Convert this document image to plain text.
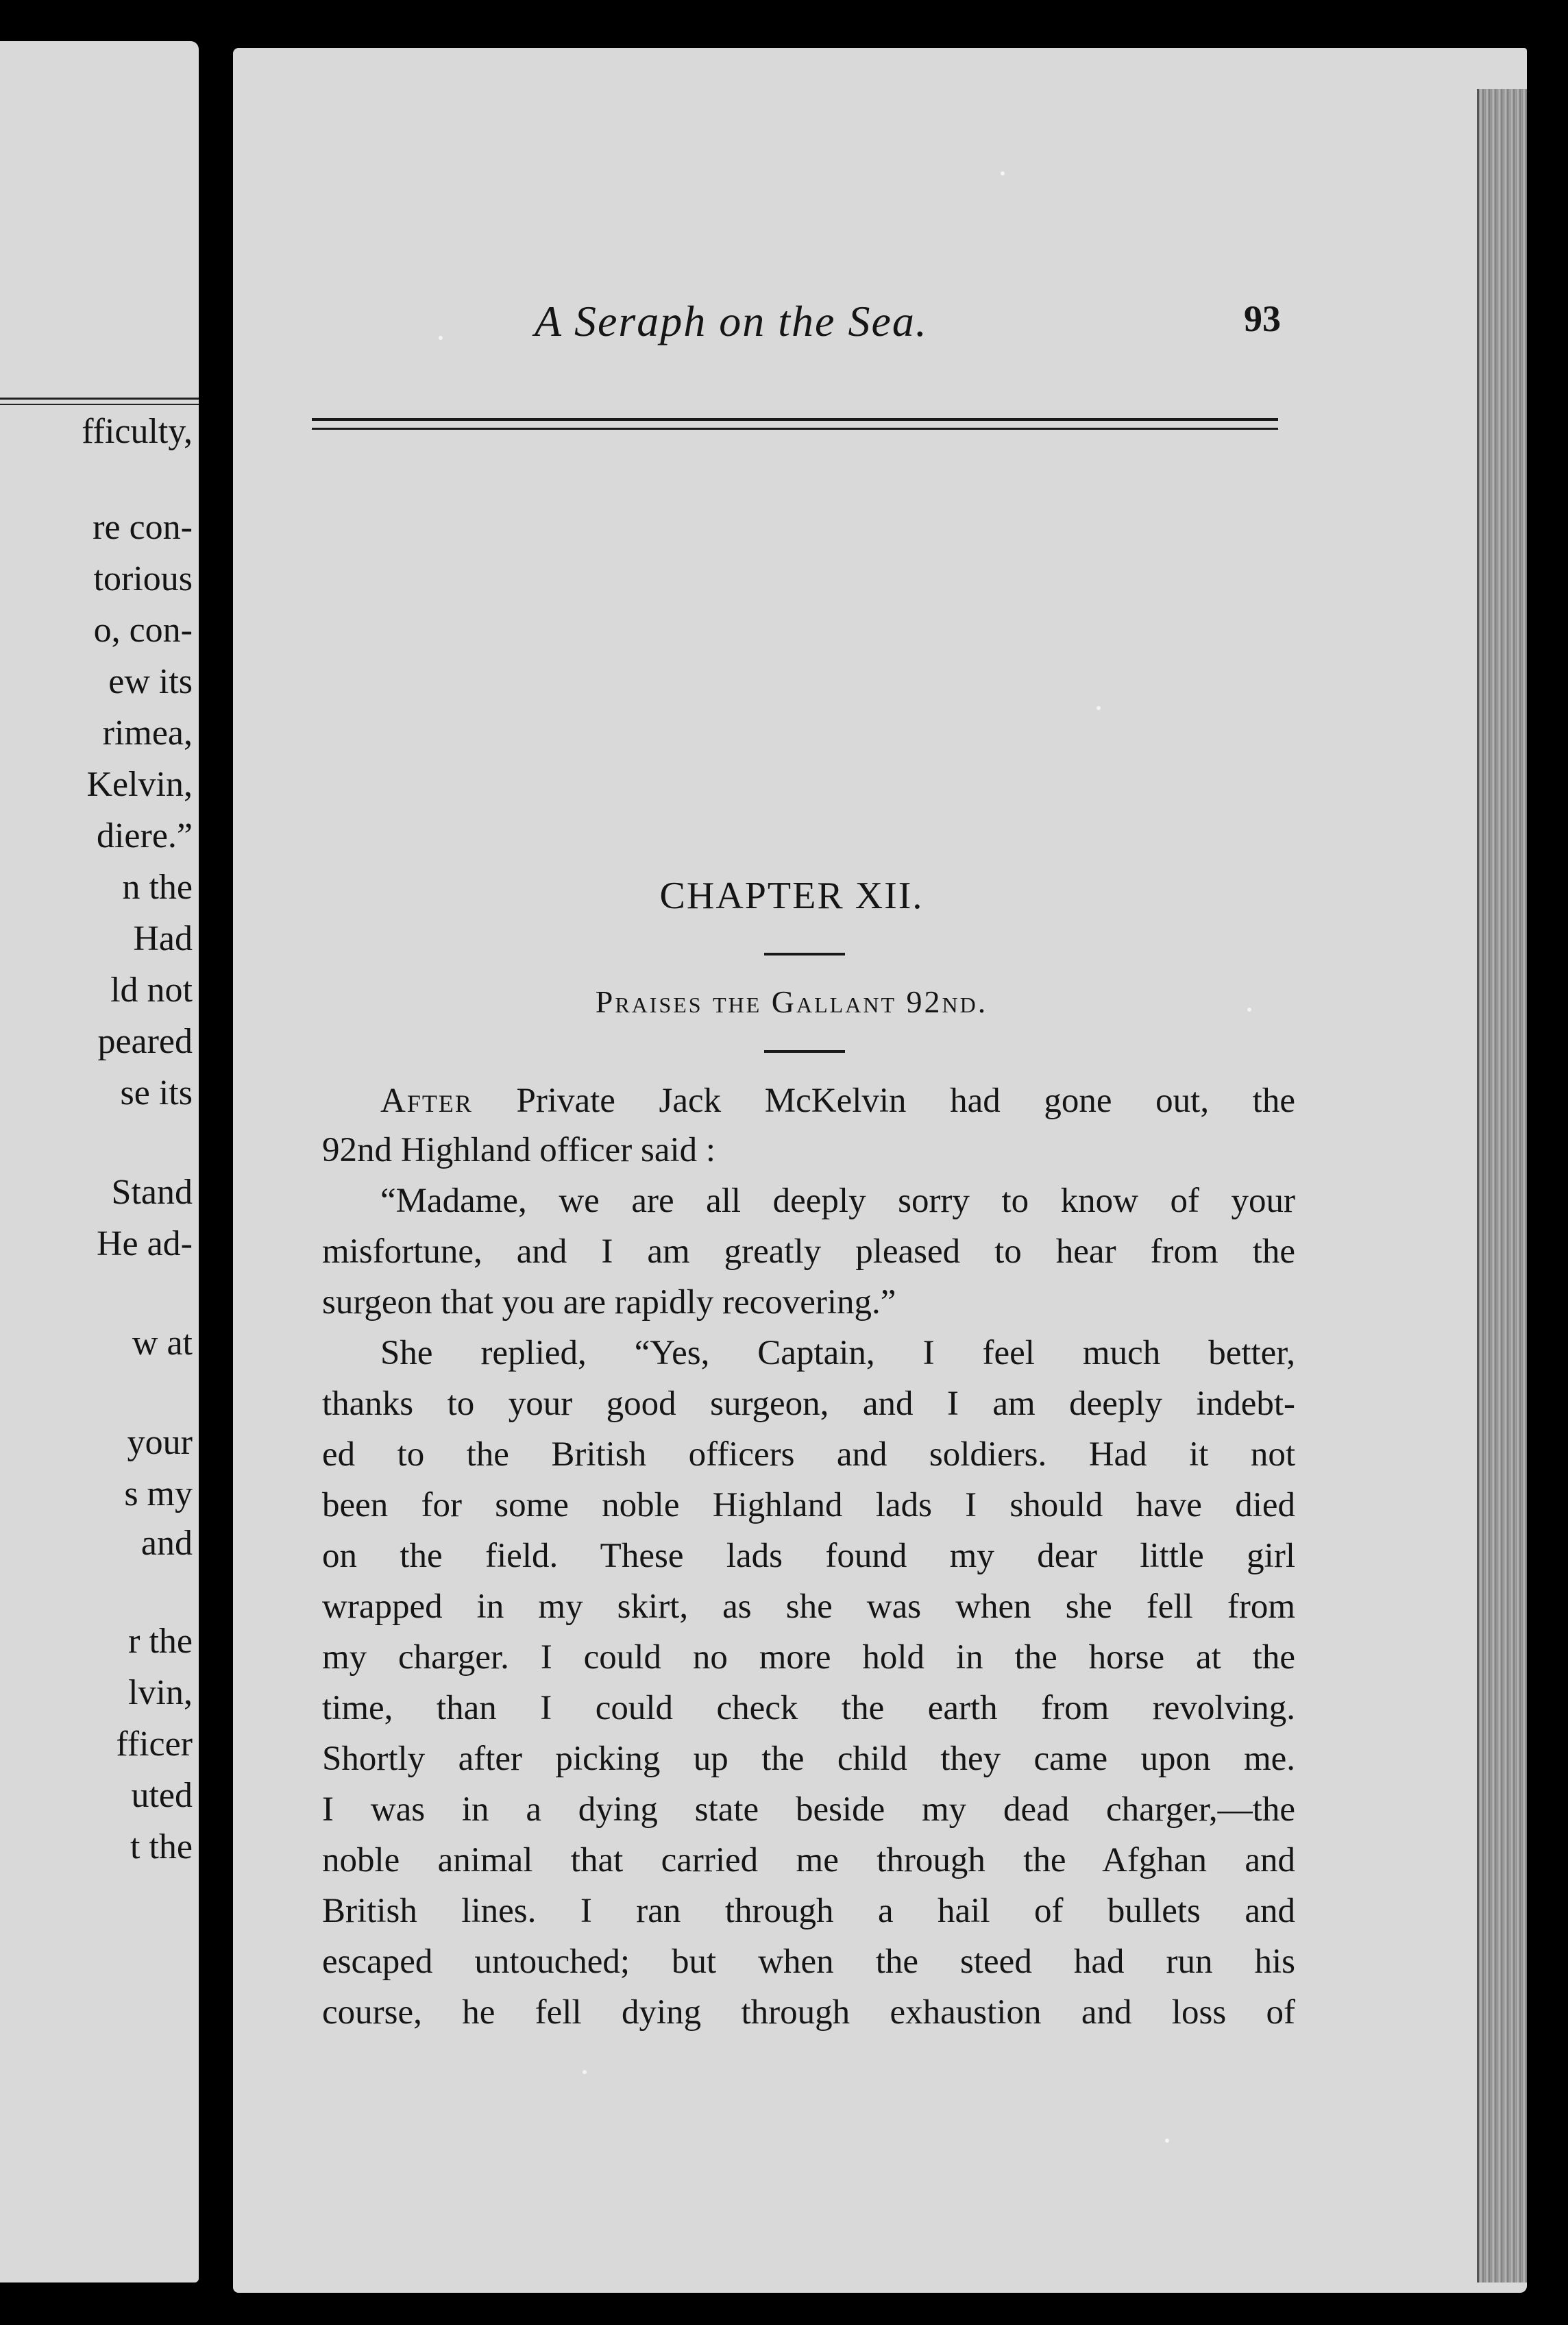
fficulty,
re con-
torious
o, con-
ew its
rimea,
Kelvin,
diere.”
n the
Had
ld not
peared
se its
Stand
He ad-
w at
your
s my
and
r the
lvin,
fficer
uted
t the
A Seraph on the Sea.	93
CHAPTER XII.
Praises the Gallant 92nd.
After Private Jack McKelvin had gone out, the
92nd Highland officer said :
“Madame, we are all deeply sorry to know of your
misfortune, and I am greatly pleased to hear from the
surgeon that you are rapidly recovering.”
She replied, “Yes, Captain, I feel much better,
thanks to your good surgeon, and I am deeply indebt-
ed to the British officers and soldiers. Had it not
been for some noble Highland lads I should have died
on the field. These lads found my dear little girl
wrapped in my skirt, as she was when she fell from
my charger. I could no more hold in the horse at the
time, than I could check the earth from revolving.
Shortly after picking up the child they came upon me.
I was in a dying state beside my dead charger,—the
noble animal that carried me through the Afghan and
British lines. I ran through a hail of bullets and
escaped untouched; but when the steed had run his
course, he fell dying through exhaustion and loss of
